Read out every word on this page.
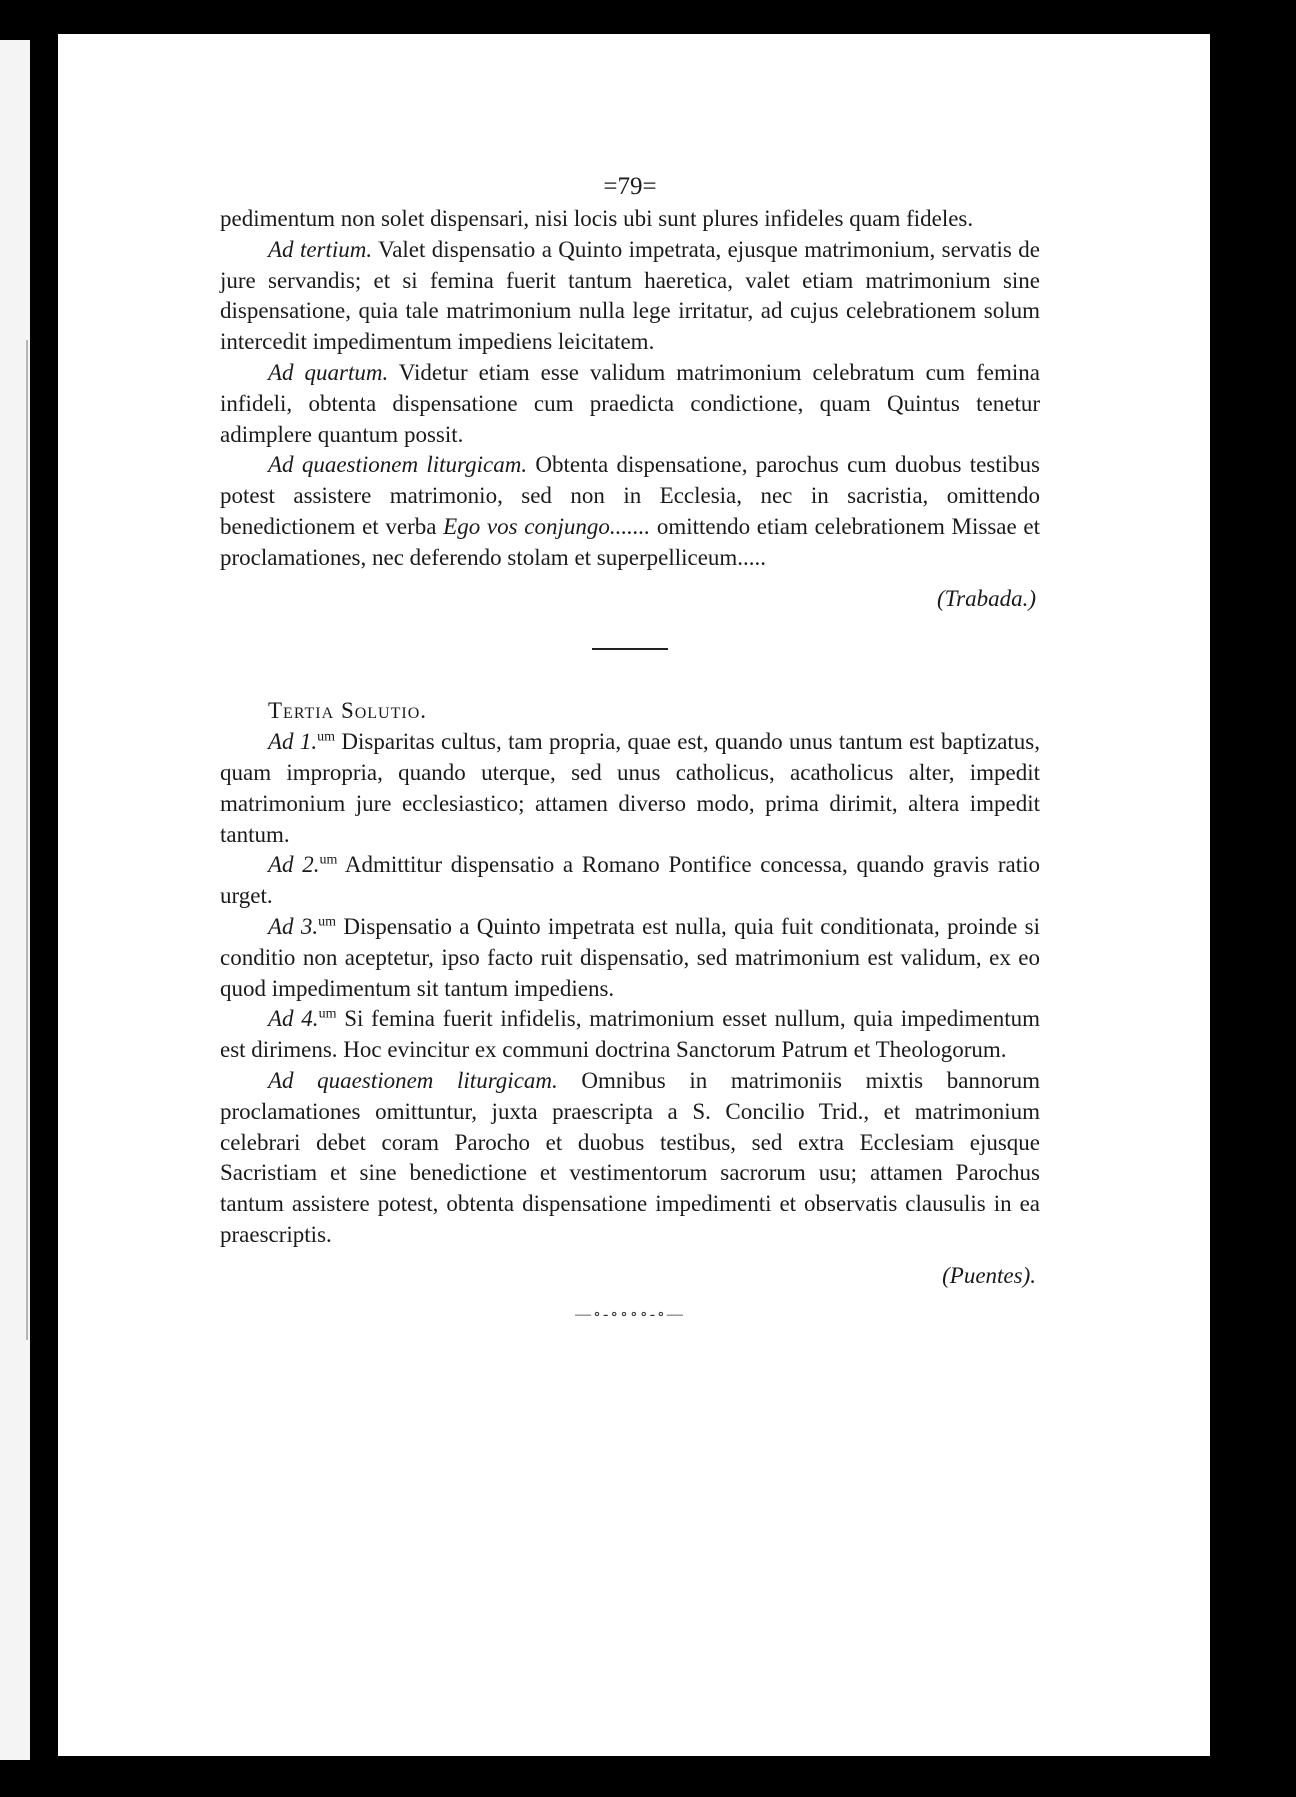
=79=

pedimentum non solet dispensari, nisi locis ubi sunt plures infideles quam fideles.

Ad tertium. Valet dispensatio a Quinto impetrata, ejusque matrimonium, servatis de jure servandis; et si femina fuerit tantum haeretica, valet etiam matrimonium sine dispensatione, quia tale matrimonium nulla lege irritatur, ad cujus celebrationem solum intercedit impedimentum impediens leicitatem.

Ad quartum. Videtur etiam esse validum matrimonium celebratum cum femina infideli, obtenta dispensatione cum praedicta condictione, quam Quintus tenetur adimplere quantum possit.

Ad quaestionem liturgicam. Obtenta dispensatione, parochus cum duobus testibus potest assistere matrimonio, sed non in Ecclesia, nec in sacristia, omittendo benedictionem et verba Ego vos conjungo....... omittendo etiam celebrationem Missae et proclamationes, nec deferendo stolam et superpelliceum.....

(Trabada.)

Tertia Solutio.

Ad 1.$^{um}$ Disparitas cultus, tam propria, quae est, quando unus tantum est baptizatus, quam impropria, quando uterque, sed unus catholicus, acatholicus alter, impedit matrimonium jure ecclesiastico; attamen diverso modo, prima dirimit, altera impedit tantum.

Ad 2.$^{um}$ Admittitur dispensatio a Romano Pontifice concessa, quando gravis ratio urget.

Ad 3.$^{um}$ Dispensatio a Quinto impetrata est nulla, quia fuit conditionata, proinde si conditio non aceptetur, ipso facto ruit dispensatio, sed matrimonium est validum, ex eo quod impedimentum sit tantum impediens.

Ad 4.$^{um}$ Si femina fuerit infidelis, matrimonium esset nullum, quia impedimentum est dirimens. Hoc evincitur ex communi doctrina Sanctorum Patrum et Theologorum.

Ad quaestionem liturgicam. Omnibus in matrimoniis mixtis bannorum proclamationes omittuntur, juxta praescripta a S. Concilio Trid., et matrimonium celebrari debet coram Parocho et duobus testibus, sed extra Ecclesiam ejusque Sacristiam et sine benedictione et vestimentorum sacrorum usu; attamen Parochus tantum assistere potest, obtenta dispensatione impedimenti et observatis clausulis in ea praescriptis.

(Puentes).
—∘-∘∘∘∘-∘—
